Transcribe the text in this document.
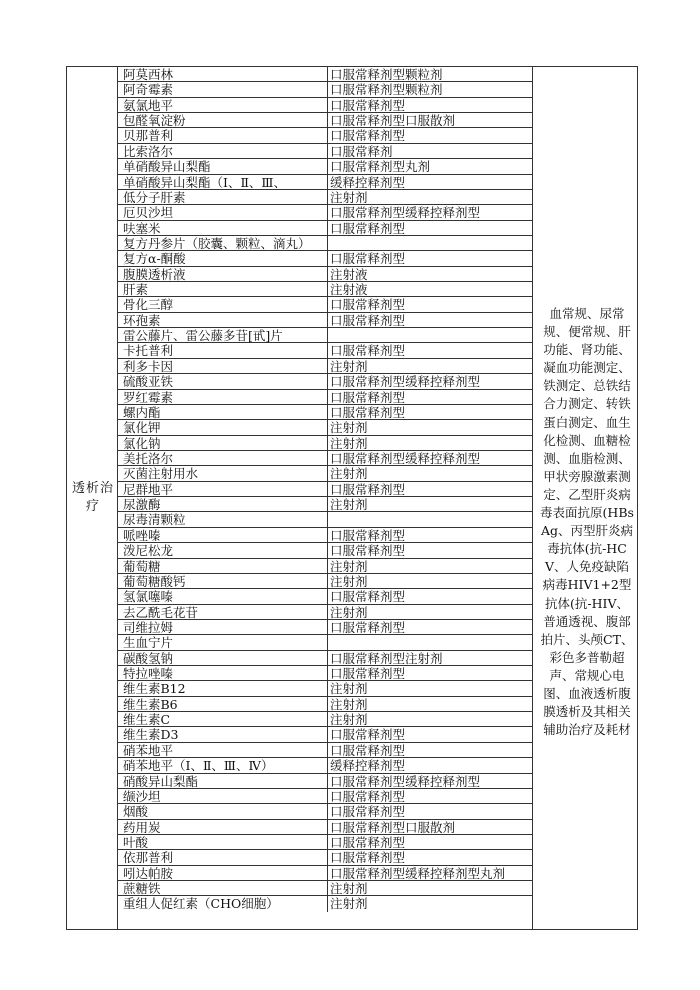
透析治疗
阿莫西林	口服常释剂型颗粒剂
阿奇霉素	口服常释剂型颗粒剂
氨氯地平	口服常释剂型
包醛氧淀粉	口服常释剂型口服散剂
贝那普利	口服常释剂型
比索洛尔	口服常释剂
单硝酸异山梨酯	口服常释剂型丸剂
单硝酸异山梨酯（Ⅰ、Ⅱ、Ⅲ、	缓释控释剂型
低分子肝素	注射剂
厄贝沙坦	口服常释剂型缓释控释剂型
呋塞米	口服常释剂型
复方丹参片（胶囊、颗粒、滴丸）
复方α-酮酸	口服常释剂型
腹膜透析液	注射液
肝素	注射液
骨化三醇	口服常释剂型
环孢素	口服常释剂型
雷公藤片、雷公藤多苷[甙]片
卡托普利	口服常释剂型
利多卡因	注射剂
硫酸亚铁	口服常释剂型缓释控释剂型
罗红霉素	口服常释剂型
螺内酯	口服常释剂型
氯化钾	注射剂
氯化钠	注射剂
美托洛尔	口服常释剂型缓释控释剂型
灭菌注射用水	注射剂
尼群地平	口服常释剂型
尿激酶	注射剂
尿毒清颗粒
哌唑嗪	口服常释剂型
泼尼松龙	口服常释剂型
葡萄糖	注射剂
葡萄糖酸钙	注射剂
氢氯噻嗪	口服常释剂型
去乙酰毛花苷	注射剂
司维拉姆	口服常释剂型
生血宁片
碳酸氢钠	口服常释剂型注射剂
特拉唑嗪	口服常释剂型
维生素B12	注射剂
维生素B6	注射剂
维生素C	注射剂
维生素D3	口服常释剂型
硝苯地平	口服常释剂型
硝苯地平（Ⅰ、Ⅱ、Ⅲ、Ⅳ）	缓释控释剂型
硝酸异山梨酯	口服常释剂型缓释控释剂型
缬沙坦	口服常释剂型
烟酸	口服常释剂型
药用炭	口服常释剂型口服散剂
叶酸	口服常释剂型
依那普利	口服常释剂型
吲达帕胺	口服常释剂型缓释控释剂型丸剂
蔗糖铁	注射剂
重组人促红素（CHO细胞）	注射剂
血常规、尿常规、便常规、肝功能、肾功能、凝血功能测定、铁测定、总铁结合力测定、转铁蛋白测定、血生化检测、血糖检测、血脂检测、甲状旁腺激素测定、乙型肝炎病毒表面抗原(HBsAg、丙型肝炎病毒抗体(抗-HCV、人免疫缺陷病毒HIV1+2型抗体(抗-HIV、普通透视、腹部拍片、头颅CT、彩色多普勒超声、常规心电图、血液透析腹膜透析及其相关辅助治疗及耗材
